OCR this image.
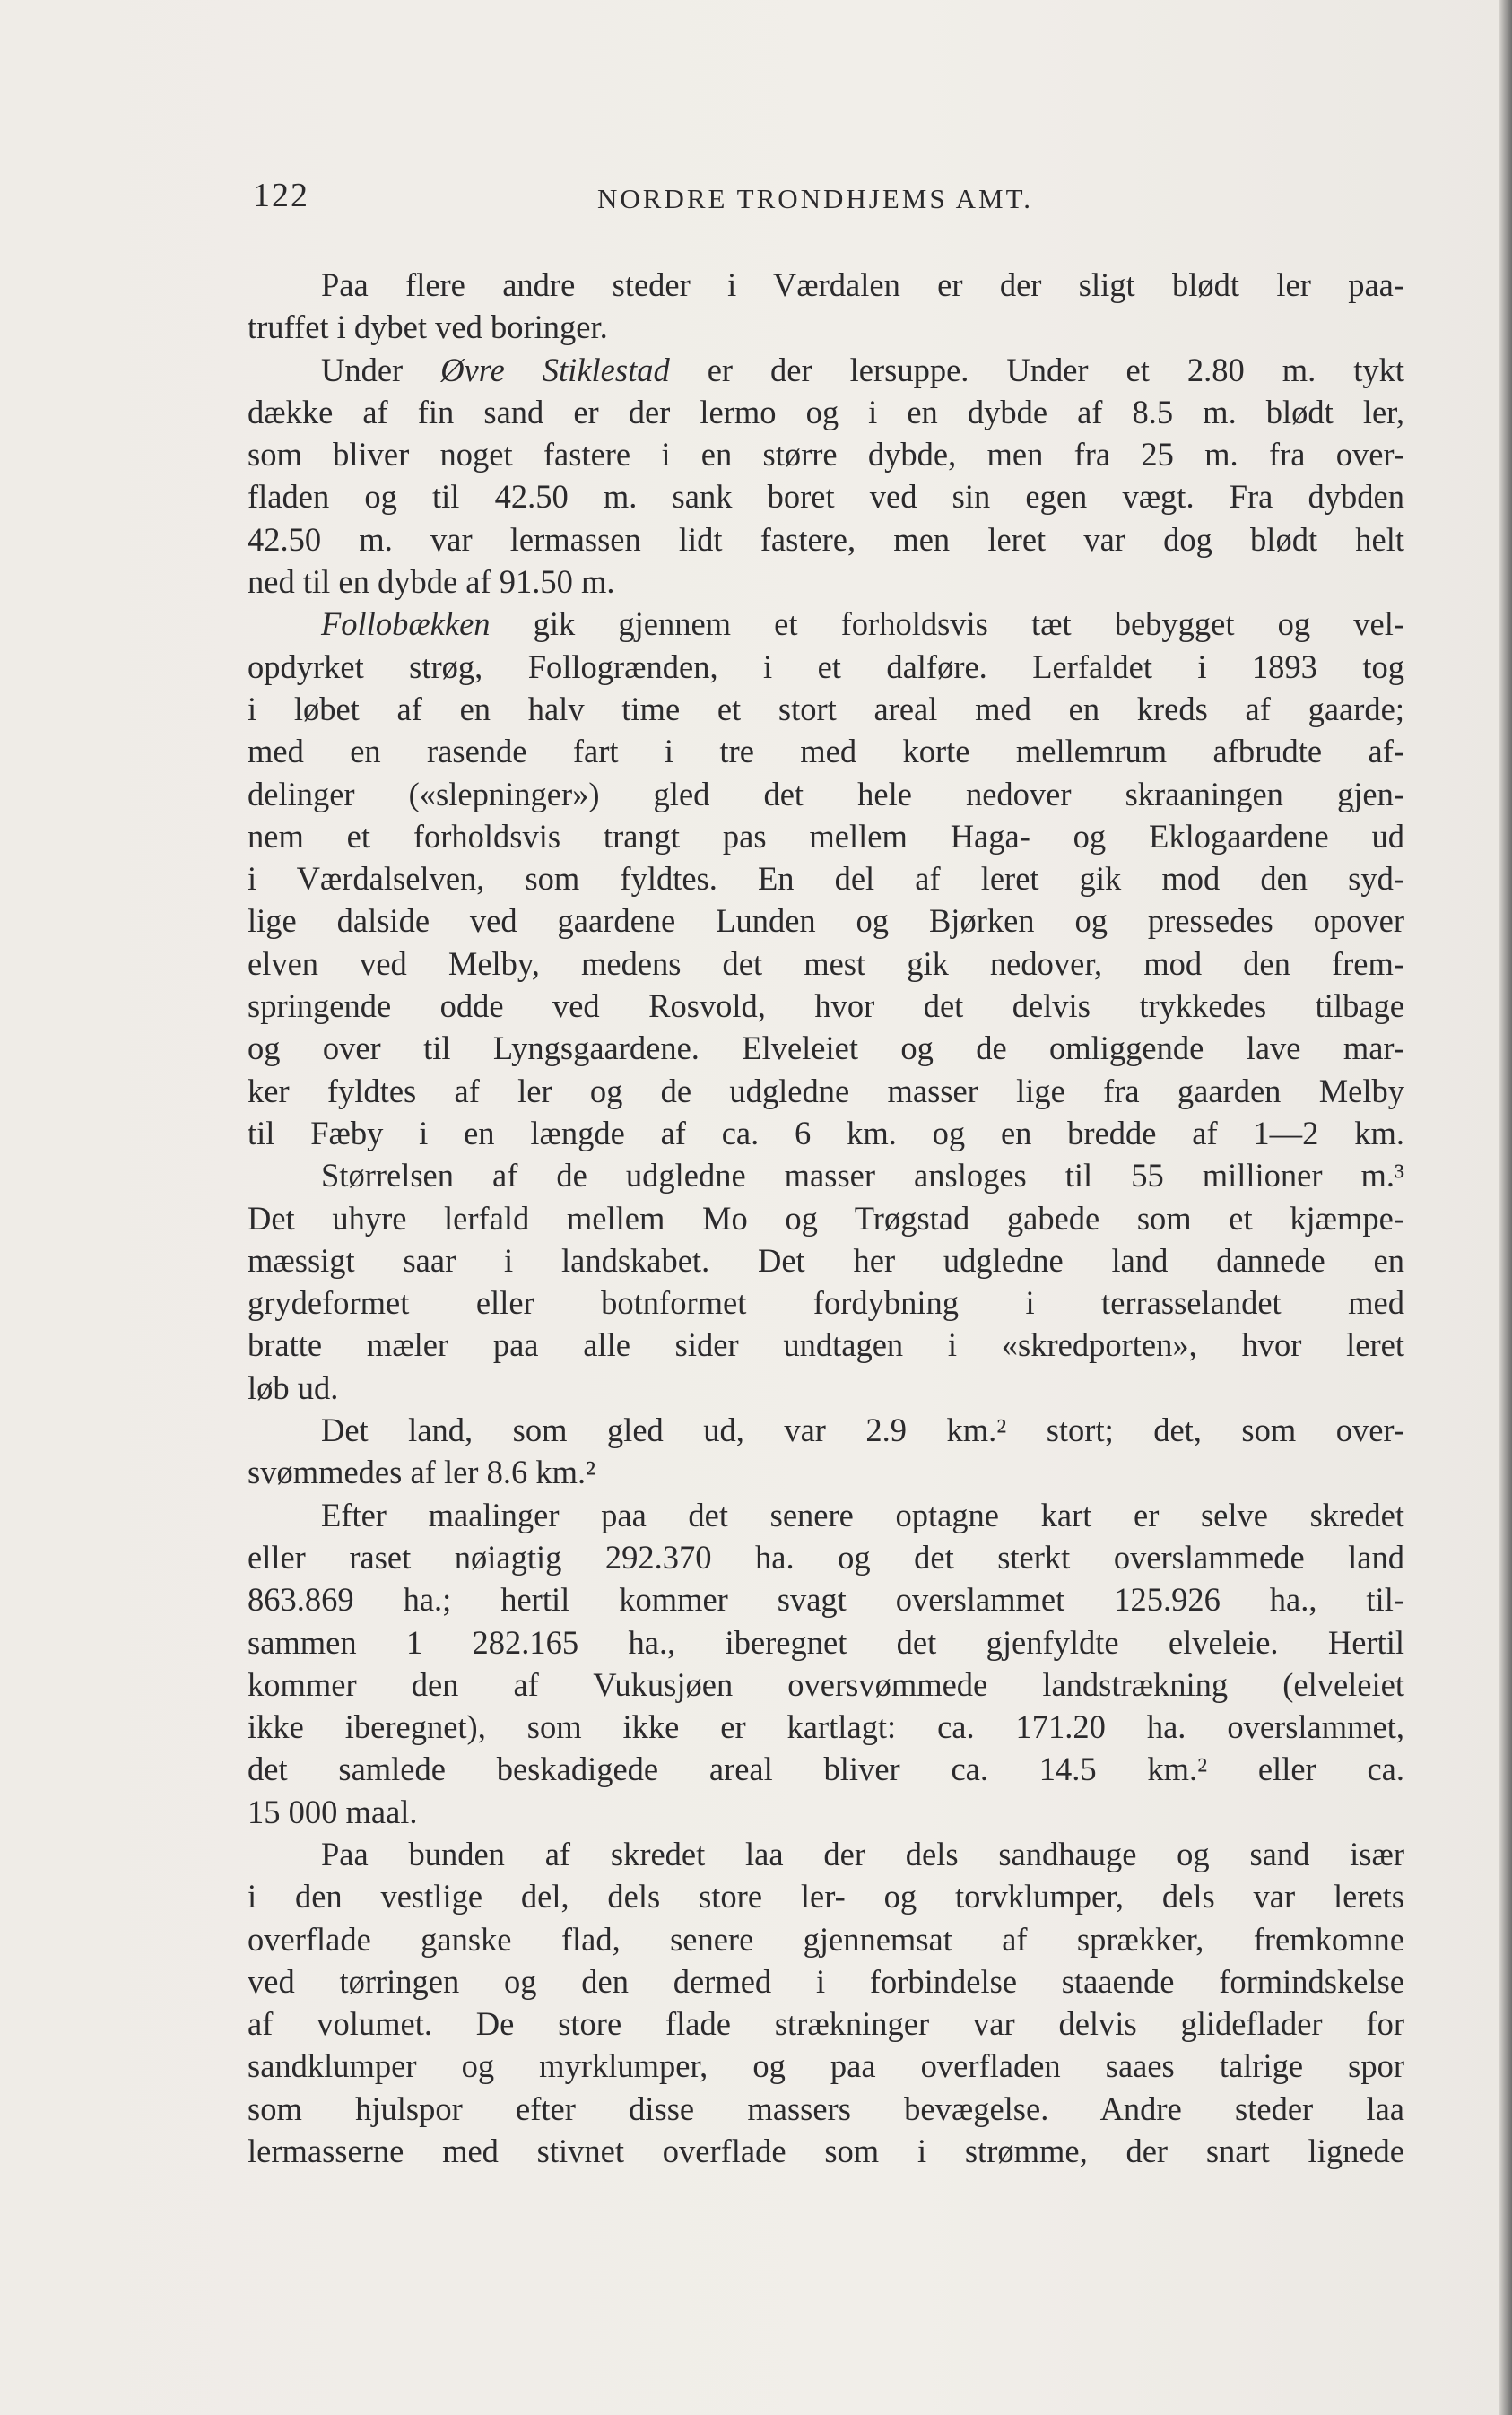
122	NORDRE TRONDHJEMS AMT.
Paa flere andre steder i Værdalen er der sligt blødt ler paa-
truffet i dybet ved boringer.
Under Øvre Stiklestad er der lersuppe. Under et 2.80 m. tykt
dække af fin sand er der lermo og i en dybde af 8.5 m. blødt ler,
som bliver noget fastere i en større dybde, men fra 25 m. fra over-
fladen og til 42.50 m. sank boret ved sin egen vægt. Fra dybden
42.50 m. var lermassen lidt fastere, men leret var dog blødt helt
ned til en dybde af 91.50 m.
Follobækken gik gjennem et forholdsvis tæt bebygget og vel-
opdyrket strøg, Follogrænden, i et dalføre. Lerfaldet i 1893 tog
i løbet af en halv time et stort areal med en kreds af gaarde;
med en rasende fart i tre med korte mellemrum afbrudte af-
delinger («slepninger») gled det hele nedover skraaningen gjen-
nem et forholdsvis trangt pas mellem Haga- og Eklogaardene ud
i Værdalselven, som fyldtes. En del af leret gik mod den syd-
lige dalside ved gaardene Lunden og Bjørken og pressedes opover
elven ved Melby, medens det mest gik nedover, mod den frem-
springende odde ved Rosvold, hvor det delvis trykkedes tilbage
og over til Lyngsgaardene. Elveleiet og de omliggende lave mar-
ker fyldtes af ler og de udgledne masser lige fra gaarden Melby
til Fæby i en længde af ca. 6 km. og en bredde af 1—2 km.
Størrelsen af de udgledne masser ansloges til 55 millioner m.³
Det uhyre lerfald mellem Mo og Trøgstad gabede som et kjæmpe-
mæssigt saar i landskabet. Det her udgledne land dannede en
grydeformet eller botnformet fordybning i terrasselandet med
bratte mæler paa alle sider undtagen i «skredporten», hvor leret
løb ud.
Det land, som gled ud, var 2.9 km.² stort; det, som over-
svømmedes af ler 8.6 km.²
Efter maalinger paa det senere optagne kart er selve skredet
eller raset nøiagtig 292.370 ha. og det sterkt overslammede land
863.869 ha.; hertil kommer svagt overslammet 125.926 ha., til-
sammen 1 282.165 ha., iberegnet det gjenfyldte elveleie. Hertil
kommer den af Vukusjøen oversvømmede landstrækning (elveleiet
ikke iberegnet), som ikke er kartlagt: ca. 171.20 ha. overslammet,
det samlede beskadigede areal bliver ca. 14.5 km.² eller ca.
15 000 maal.
Paa bunden af skredet laa der dels sandhauge og sand især
i den vestlige del, dels store ler- og torvklumper, dels var lerets
overflade ganske flad, senere gjennemsat af sprækker, fremkomne
ved tørringen og den dermed i forbindelse staaende formindskelse
af volumet. De store flade strækninger var delvis glideflader for
sandklumper og myrklumper, og paa overfladen saaes talrige spor
som hjulspor efter disse massers bevægelse. Andre steder laa
lermasserne med stivnet overflade som i strømme, der snart lignede
